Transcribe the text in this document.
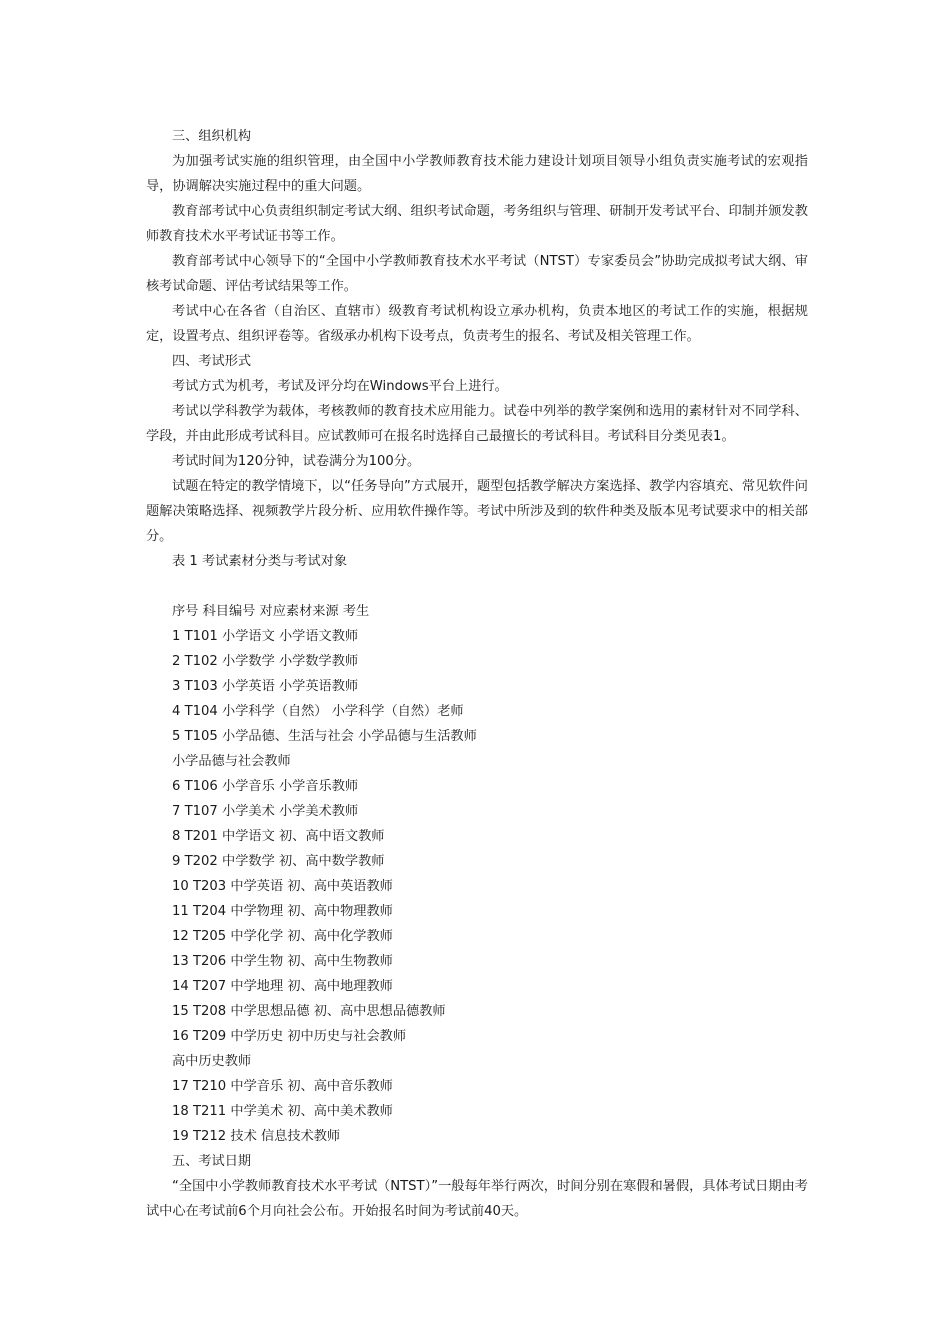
三、组织机构

为加强考试实施的组织管理，由全国中小学教师教育技术能力建设计划项目领导小组负责实施考试的宏观指导，协调解决实施过程中的重大问题。

教育部考试中心负责组织制定考试大纲、组织考试命题，考务组织与管理、研制开发考试平台、印制并颁发教师教育技术水平考试证书等工作。

教育部考试中心领导下的“全国中小学教师教育技术水平考试（NTST）专家委员会”协助完成拟考试大纲、审核考试命题、评估考试结果等工作。

考试中心在各省（自治区、直辖市）级教育考试机构设立承办机构，负责本地区的考试工作的实施，根据规定，设置考点、组织评卷等。省级承办机构下设考点，负责考生的报名、考试及相关管理工作。

四、考试形式

考试方式为机考，考试及评分均在Windows平台上进行。

考试以学科教学为载体，考核教师的教育技术应用能力。试卷中列举的教学案例和选用的素材针对不同学科、学段，并由此形成考试科目。应试教师可在报名时选择自己最擅长的考试科目。考试科目分类见表1。

考试时间为120分钟，试卷满分为100分。

试题在特定的教学情境下，以“任务导向”方式展开，题型包括教学解决方案选择、教学内容填充、常见软件问题解决策略选择、视频教学片段分析、应用软件操作等。考试中所涉及到的软件种类及版本见考试要求中的相关部分。

表 1 考试素材分类与考试对象

序号 科目编号 对应素材来源 考生

1 T101 小学语文 小学语文教师

2 T102 小学数学 小学数学教师

3 T103 小学英语 小学英语教师

4 T104 小学科学（自然） 小学科学（自然）老师

5 T105 小学品德、生活与社会 小学品德与生活教师

小学品德与社会教师

6 T106 小学音乐 小学音乐教师

7 T107 小学美术 小学美术教师

8 T201 中学语文 初、高中语文教师

9 T202 中学数学 初、高中数学教师

10 T203 中学英语 初、高中英语教师

11 T204 中学物理 初、高中物理教师

12 T205 中学化学 初、高中化学教师

13 T206 中学生物 初、高中生物教师

14 T207 中学地理 初、高中地理教师

15 T208 中学思想品德 初、高中思想品德教师

16 T209 中学历史 初中历史与社会教师

高中历史教师

17 T210 中学音乐 初、高中音乐教师

18 T211 中学美术 初、高中美术教师

19 T212 技术 信息技术教师

五、考试日期

“全国中小学教师教育技术水平考试（NTST）”一般每年举行两次，时间分别在寒假和暑假，具体考试日期由考试中心在考试前6个月向社会公布。开始报名时间为考试前40天。
